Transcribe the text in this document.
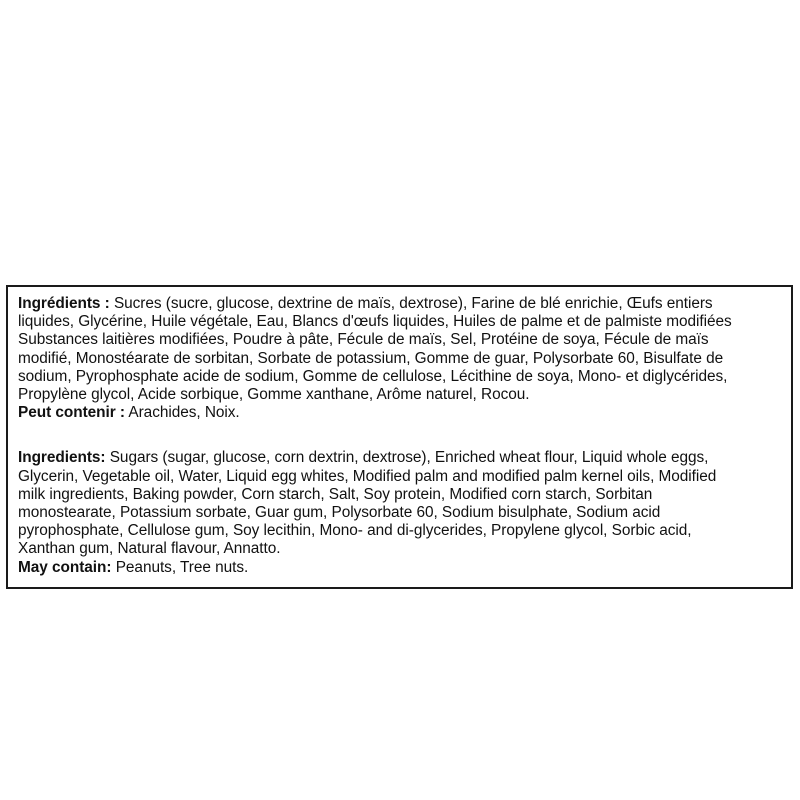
Ingrédients : Sucres (sucre, glucose, dextrine de maïs, dextrose), Farine de blé enrichie, Œufs entiers
liquides, Glycérine, Huile végétale, Eau, Blancs d'œufs liquides, Huiles de palme et de palmiste modifiées
Substances laitières modifiées, Poudre à pâte, Fécule de maïs, Sel, Protéine de soya, Fécule de maïs
modifié, Monostéarate de sorbitan, Sorbate de potassium, Gomme de guar, Polysorbate 60, Bisulfate de
sodium, Pyrophosphate acide de sodium, Gomme de cellulose, Lécithine de soya, Mono- et diglycérides,
Propylène glycol, Acide sorbique, Gomme xanthane, Arôme naturel, Rocou.
Peut contenir : Arachides, Noix.
Ingredients: Sugars (sugar, glucose, corn dextrin, dextrose), Enriched wheat flour, Liquid whole eggs,
Glycerin, Vegetable oil, Water, Liquid egg whites, Modified palm and modified palm kernel oils, Modified
milk ingredients, Baking powder, Corn starch, Salt, Soy protein, Modified corn starch, Sorbitan
monostearate, Potassium sorbate, Guar gum, Polysorbate 60, Sodium bisulphate, Sodium acid
pyrophosphate, Cellulose gum, Soy lecithin, Mono- and di-glycerides, Propylene glycol, Sorbic acid,
Xanthan gum, Natural flavour, Annatto.
May contain: Peanuts, Tree nuts.
